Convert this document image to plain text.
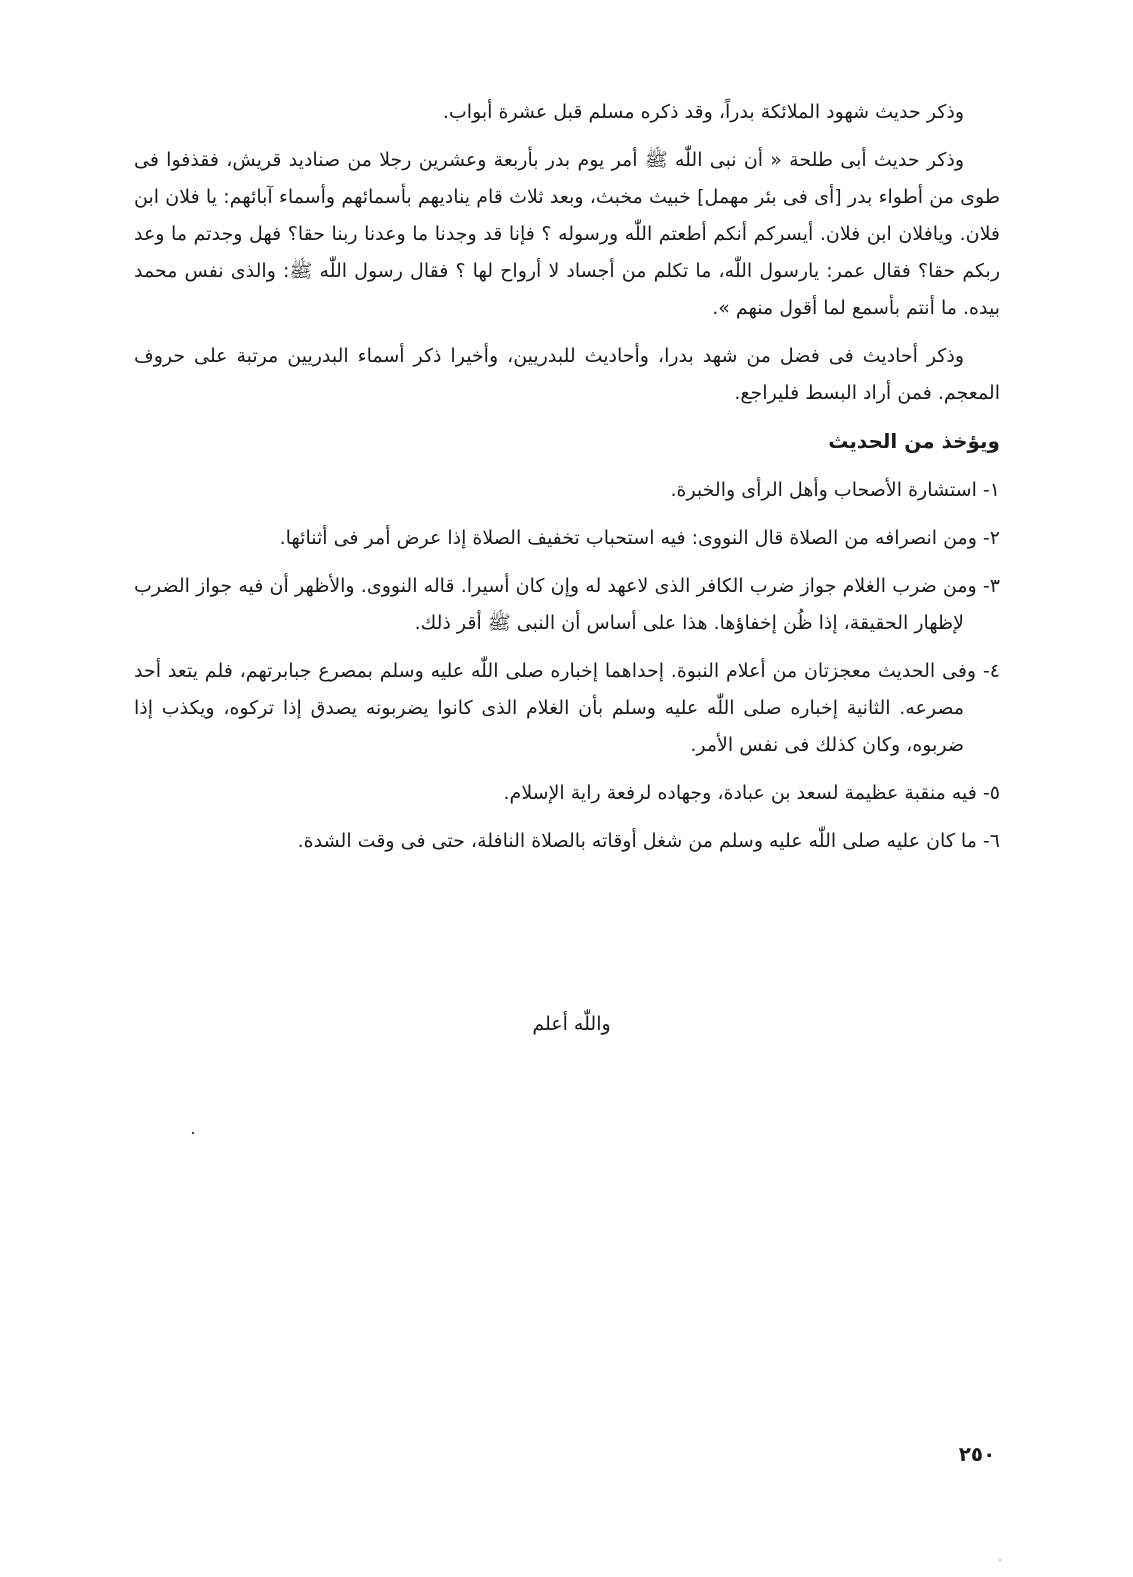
وذكر حديث شهود الملائكة بدراً، وقد ذكره مسلم قبل عشرة أبواب.

وذكر حديث أبى طلحة « أن نبى اللّٰه ﷺ أمر يوم بدر بأربعة وعشرين رجلا من صناديد قريش، فقذفوا فى طوى من أطواء بدر [أى فى بئر مهمل] خبيث مخبث، وبعد ثلاث قام يناديهم بأسمائهم وأسماء آبائهم: يا فلان ابن فلان. ويافلان ابن فلان. أيسركم أنكم أطعتم اللّٰه ورسوله ؟ فإنا قد وجدنا ما وعدنا ربنا حقا؟ فهل وجدتم ما وعد ربكم حقا؟ فقال عمر: يارسول اللّٰه، ما تكلم من أجساد لا أرواح لها ؟ فقال رسول اللّٰه ﷺ: والذى نفس محمد بيده. ما أنتم بأسمع لما أقول منهم ».

وذكر أحاديث فى فضل من شهد بدرا، وأحاديث للبدريين، وأخيرا ذكر أسماء البدريين مرتبة على حروف المعجم. فمن أراد البسط فليراجع.

ويؤخذ من الحديث

١- استشارة الأصحاب وأهل الرأى والخبرة.

٢- ومن انصرافه من الصلاة قال النووى: فيه استحباب تخفيف الصلاة إذا عرض أمر فى أثنائها.

٣- ومن ضرب الغلام جواز ضرب الكافر الذى لاعهد له وإن كان أسيرا. قاله النووى. والأظهر أن فيه جواز الضرب لإظهار الحقيقة، إذا ظُن إخفاؤها. هذا على أساس أن النبى ﷺ أقر ذلك.

٤- وفى الحديث معجزتان من أعلام النبوة. إحداهما إخباره صلى اللّٰه عليه وسلم بمصرع جبابرتهم، فلم يتعد أحد مصرعه. الثانية إخباره صلى اللّٰه عليه وسلم بأن الغلام الذى كانوا يضربونه يصدق إذا تركوه، ويكذب إذا ضربوه، وكان كذلك فى نفس الأمر.

٥- فيه منقبة عظيمة لسعد بن عبادة، وجهاده لرفعة راية الإسلام.

٦- ما كان عليه صلى اللّٰه عليه وسلم من شغل أوقاته بالصلاة النافلة، حتى فى وقت الشدة.

واللّٰه أعلم
٢٥٠
